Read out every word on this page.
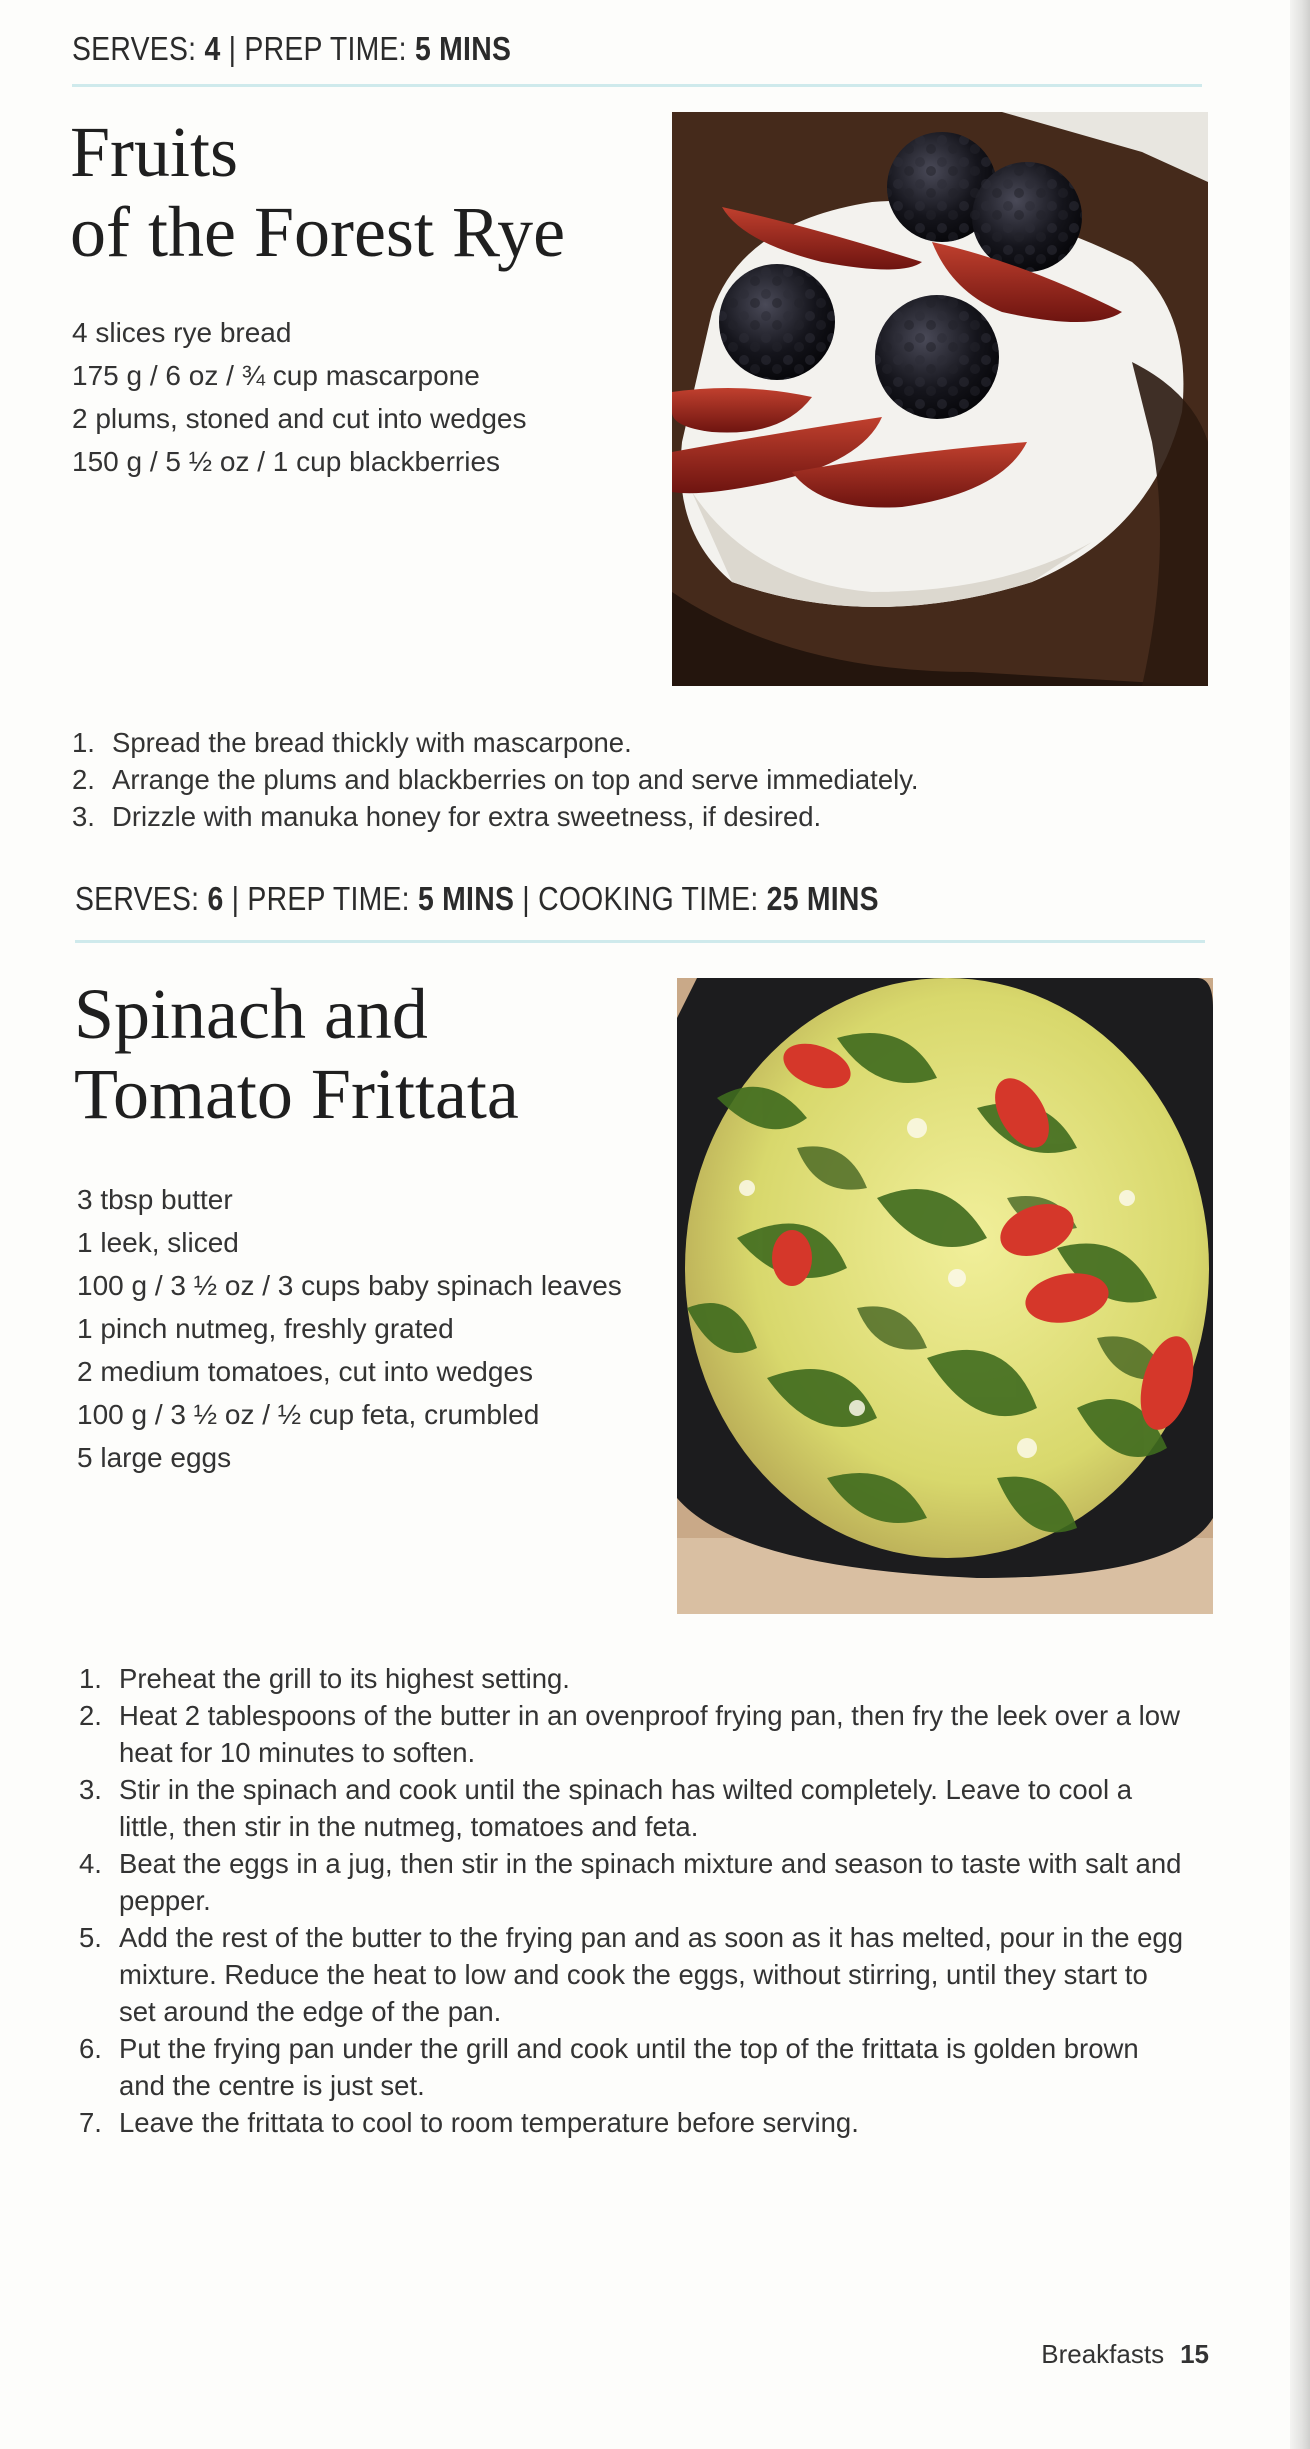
SERVES: 4 | PREP TIME: 5 MINS
Fruits
of the Forest Rye
4 slices rye bread
175 g / 6 oz / ¾ cup mascarpone
2 plums, stoned and cut into wedges
150 g / 5 ½ oz / 1 cup blackberries
1. Spread the bread thickly with mascarpone.
2. Arrange the plums and blackberries on top and serve immediately.
3. Drizzle with manuka honey for extra sweetness, if desired.
SERVES: 6 | PREP TIME: 5 MINS | COOKING TIME: 25 MINS
Spinach and
Tomato Frittata
3 tbsp butter
1 leek, sliced
100 g / 3 ½ oz / 3 cups baby spinach leaves
1 pinch nutmeg, freshly grated
2 medium tomatoes, cut into wedges
100 g / 3 ½ oz / ½ cup feta, crumbled
5 large eggs
1. Preheat the grill to its highest setting.
2. Heat 2 tablespoons of the butter in an ovenproof frying pan, then fry the leek over a low heat for 10 minutes to soften.
3. Stir in the spinach and cook until the spinach has wilted completely. Leave to cool a little, then stir in the nutmeg, tomatoes and feta.
4. Beat the eggs in a jug, then stir in the spinach mixture and season to taste with salt and pepper.
5. Add the rest of the butter to the frying pan and as soon as it has melted, pour in the egg mixture. Reduce the heat to low and cook the eggs, without stirring, until they start to set around the edge of the pan.
6. Put the frying pan under the grill and cook until the top of the frittata is golden brown and the centre is just set.
7. Leave the frittata to cool to room temperature before serving.
Breakfasts 15
